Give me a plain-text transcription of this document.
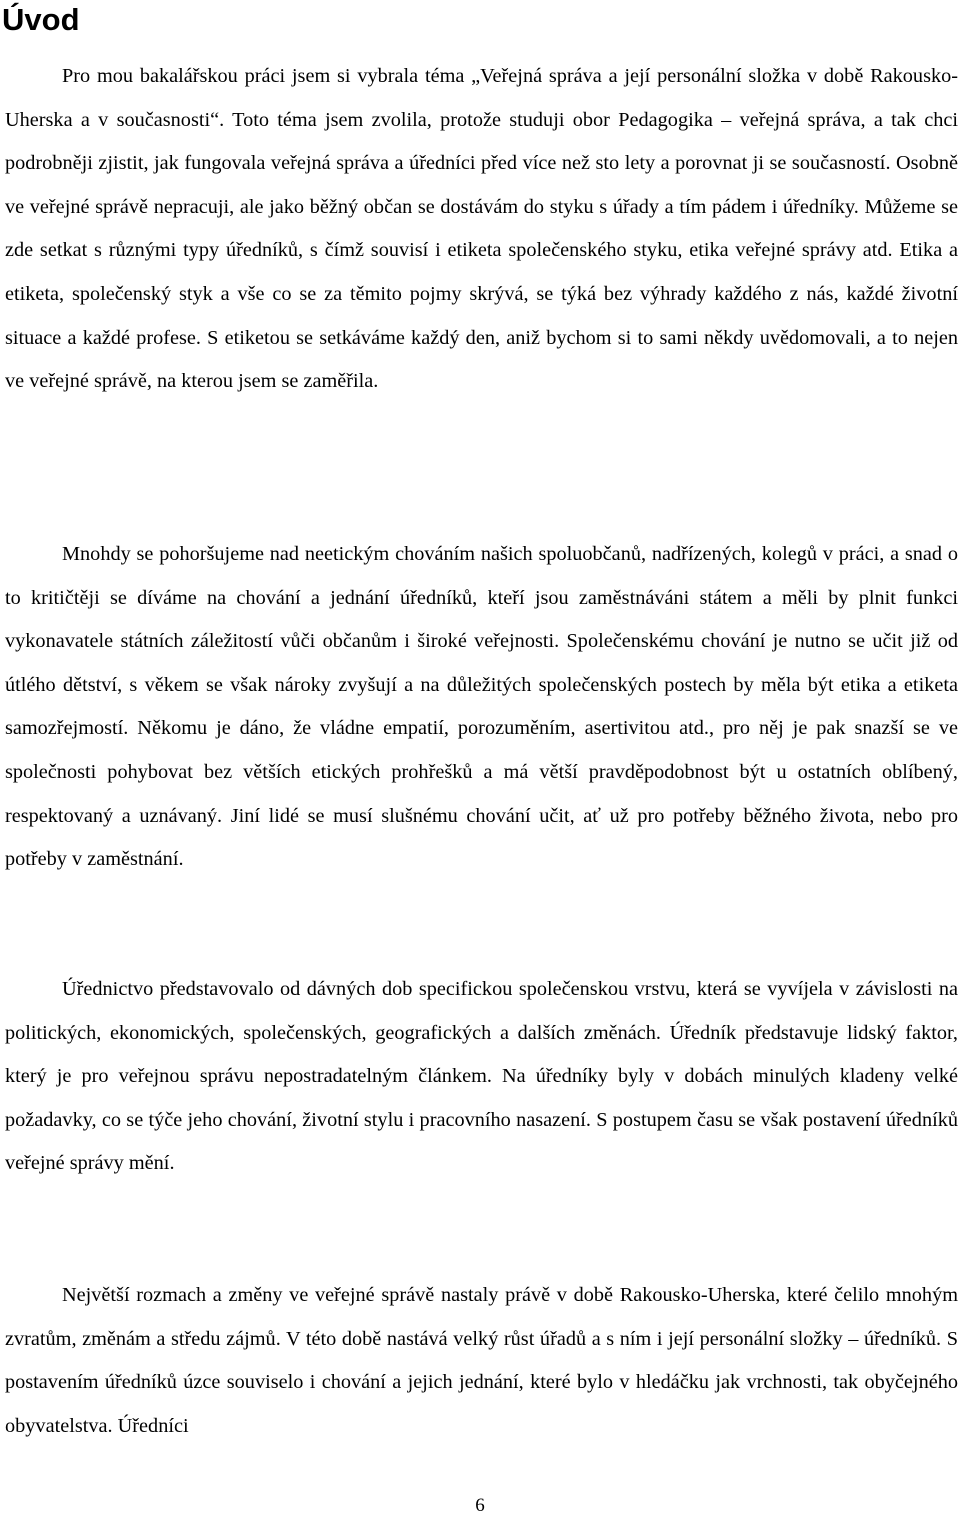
Úvod

Pro mou bakalářskou práci jsem si vybrala téma „Veřejná správa a její personální složka v době Rakousko-Uherska a v současnosti“. Toto téma jsem zvolila, protože studuji obor Pedagogika – veřejná správa, a tak chci podrobněji zjistit, jak fungovala veřejná správa a úředníci před více než sto lety a porovnat ji se současností. Osobně ve veřejné správě nepracuji, ale jako běžný občan se dostávám do styku s úřady a tím pádem i úředníky. Můžeme se zde setkat s různými typy úředníků, s čímž souvisí i etiketa společenského styku, etika veřejné správy atd. Etika a etiketa, společenský styk a vše co se za těmito pojmy skrývá, se týká bez výhrady každého z nás, každé životní situace a každé profese. S etiketou se setkáváme každý den, aniž bychom si to sami někdy uvědomovali, a to nejen ve veřejné správě, na kterou jsem se zaměřila.

Mnohdy se pohoršujeme nad neetickým chováním našich spoluobčanů, nadřízených, kolegů v práci, a snad o to kritičtěji se díváme na chování a jednání úředníků, kteří jsou zaměstnáváni státem a měli by plnit funkci vykonavatele státních záležitostí vůči občanům i široké veřejnosti. Společenskému chování je nutno se učit již od útlého dětství, s věkem se však nároky zvyšují a na důležitých společenských postech by měla být etika a etiketa samozřejmostí. Někomu je dáno, že vládne empatií, porozuměním, asertivitou atd., pro něj je pak snazší se ve společnosti pohybovat bez větších etických prohřešků a má větší pravděpodobnost být u ostatních oblíbený, respektovaný a uznávaný. Jiní lidé se musí slušnému chování učit, ať už pro potřeby běžného života, nebo pro potřeby v zaměstnání.

Úřednictvo představovalo od dávných dob specifickou společenskou vrstvu, která se vyvíjela v závislosti na politických, ekonomických, společenských, geografických a dalších změnách. Úředník představuje lidský faktor, který je pro veřejnou správu nepostradatelným článkem. Na úředníky byly v dobách minulých kladeny velké požadavky, co se týče jeho chování, životní stylu i pracovního nasazení. S postupem času se však postavení úředníků veřejné správy mění.

Největší rozmach a změny ve veřejné správě nastaly právě v době Rakousko-Uherska, které čelilo mnohým zvratům, změnám a středu zájmů. V této době nastává velký růst úřadů a s ním i její personální složky – úředníků. S postavením úředníků úzce souviselo i chování a jejich jednání, které bylo v hledáčku jak vrchnosti, tak obyčejného obyvatelstva. Úředníci

6
